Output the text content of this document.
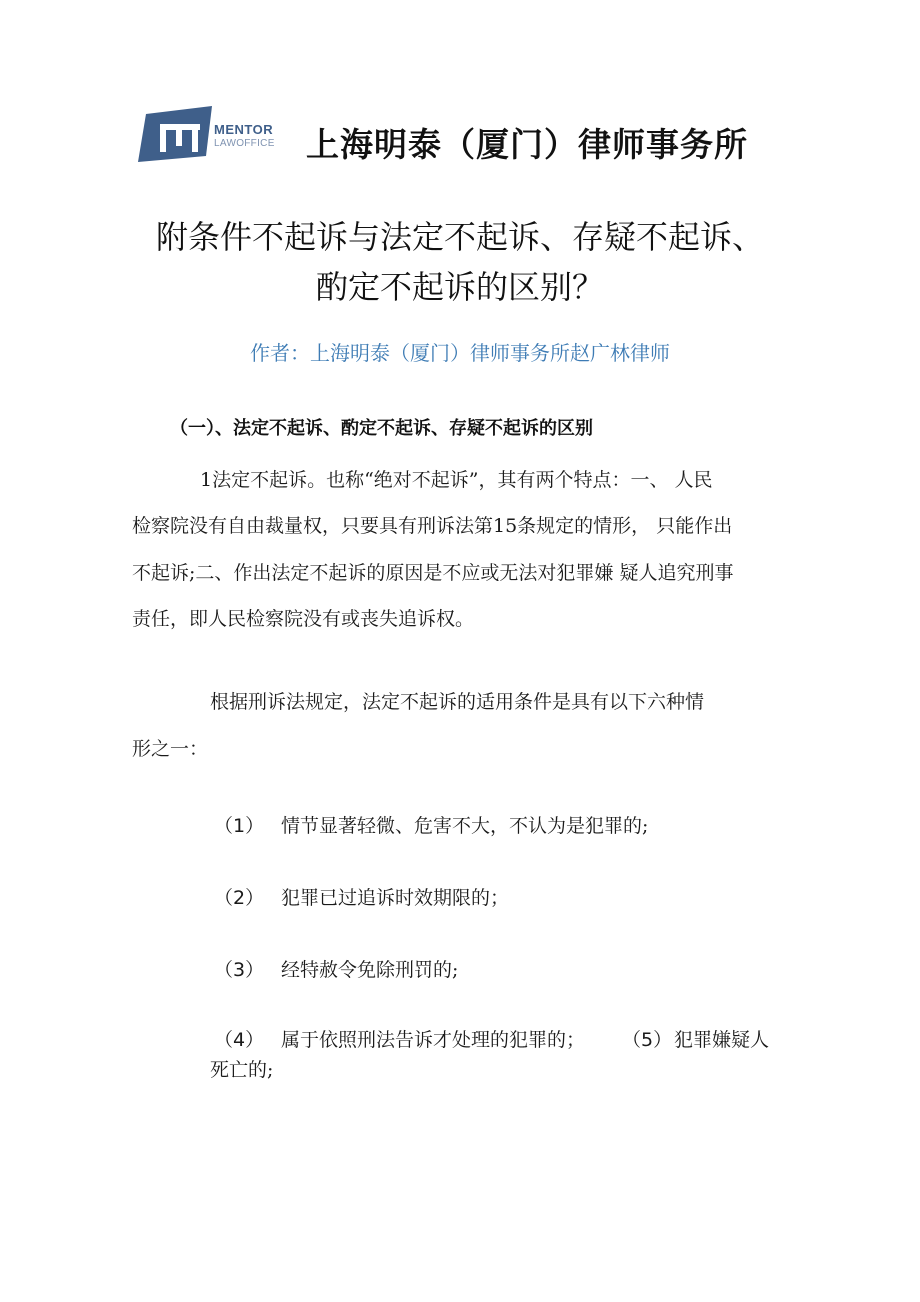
MENTOR
LAWOFFICE 上海明泰（厦门）律师事务所
附条件不起诉与法定不起诉、存疑不起诉、
酌定不起诉的区别？
作者：上海明泰（厦门）律师事务所赵广林律师
（一）、法定不起诉、酌定不起诉、存疑不起诉的区别
1法定不起诉。也称“绝对不起诉”，其有两个特点：一、 人民
检察院没有自由裁量权，只要具有刑诉法第15条规定的情形， 只能作出
不起诉;二、作出法定不起诉的原因是不应或无法对犯罪嫌 疑人追究刑事
责任，即人民检察院没有或丧失追诉权。
根据刑诉法规定，法定不起诉的适用条件是具有以下六种情
形之一：
（1） 情节显著轻微、危害不大，不认为是犯罪的;
（2） 犯罪已过追诉时效期限的；
（3） 经特赦令免除刑罚的;
（4） 属于依照刑法告诉才处理的犯罪的； （5） 犯罪嫌疑人
死亡的;
